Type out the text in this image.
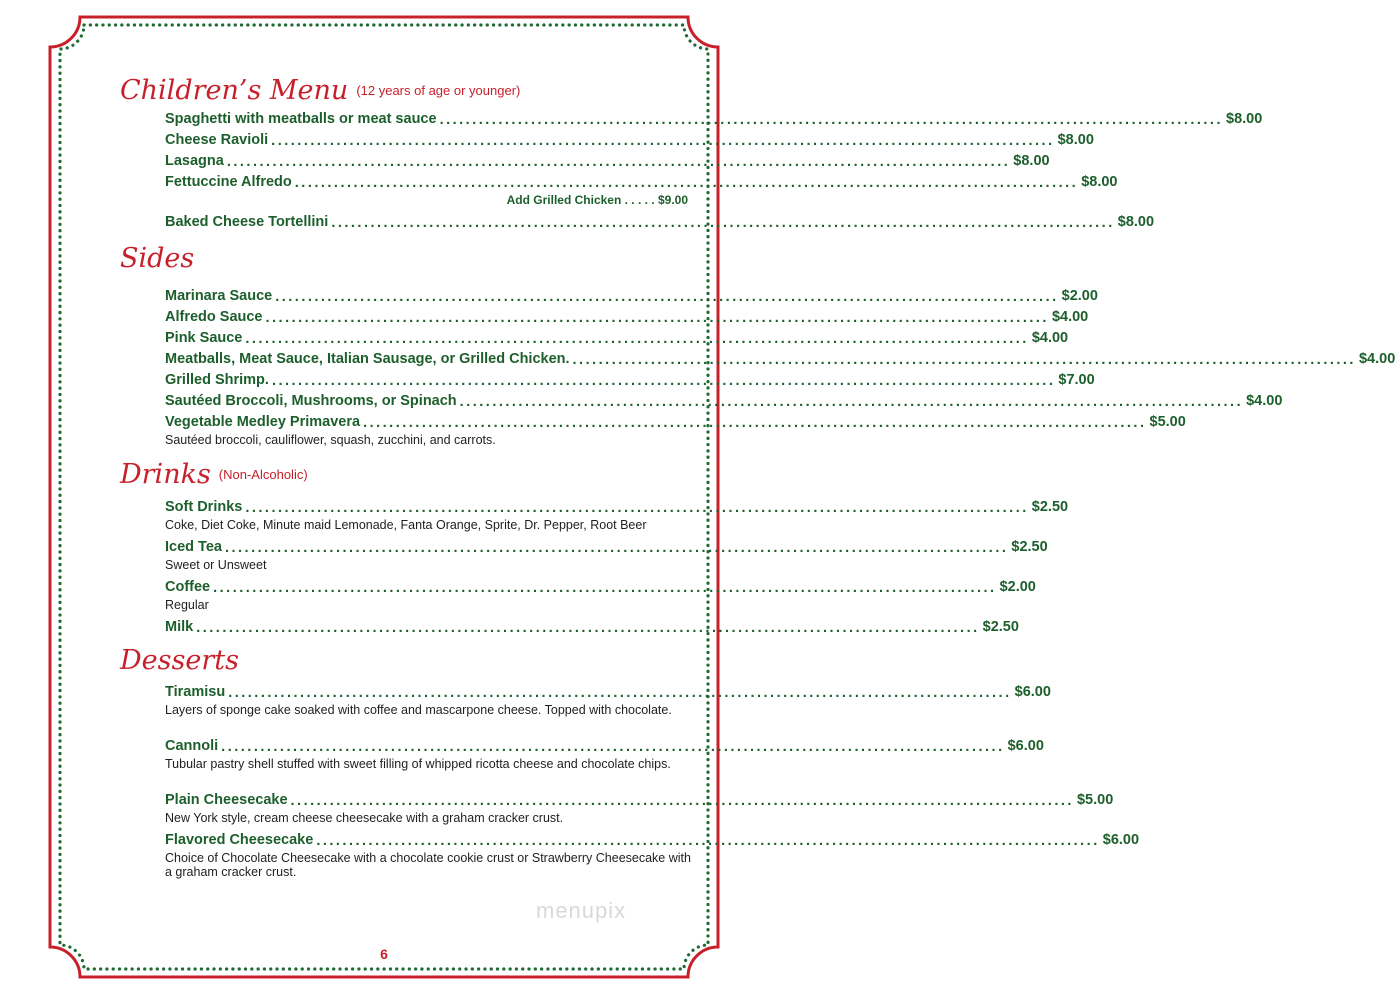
Children’s Menu (12 years of age or younger)
Spaghetti with meatballs or meat sauce ........................................................................................................................ $8.00
Cheese Ravioli ........................................................................................................................ $8.00
Lasagna ........................................................................................................................ $8.00
Fettuccine Alfredo ........................................................................................................................ $8.00
Add Grilled Chicken . . . . . $9.00
Baked Cheese Tortellini ........................................................................................................................ $8.00
Sides
Marinara Sauce ........................................................................................................................ $2.00
Alfredo Sauce ........................................................................................................................ $4.00
Pink Sauce ........................................................................................................................ $4.00
Meatballs, Meat Sauce, Italian Sausage, or Grilled Chicken. ........................................................................................................................ $4.00
Grilled Shrimp. ........................................................................................................................ $7.00
Sautéed Broccoli, Mushrooms, or Spinach ........................................................................................................................ $4.00
Vegetable Medley Primavera ........................................................................................................................ $5.00
Sautéed broccoli, cauliflower, squash, zucchini, and carrots.
Drinks (Non-Alcoholic)
Soft Drinks ........................................................................................................................ $2.50
Coke, Diet Coke, Minute maid Lemonade, Fanta Orange, Sprite, Dr. Pepper, Root Beer
Iced Tea ........................................................................................................................ $2.50
Sweet or Unsweet
Coffee ........................................................................................................................ $2.00
Regular
Milk ........................................................................................................................ $2.50
Desserts
Tiramisu ........................................................................................................................ $6.00
Layers of sponge cake soaked with coffee and mascarpone cheese. Topped with chocolate.
Cannoli ........................................................................................................................ $6.00
Tubular pastry shell stuffed with sweet filling of whipped ricotta cheese and chocolate chips.
Plain Cheesecake ........................................................................................................................ $5.00
New York style, cream cheese cheesecake with a graham cracker crust.
Flavored Cheesecake ........................................................................................................................ $6.00
Choice of Chocolate Cheesecake with a chocolate cookie crust or Strawberry Cheesecake with a graham cracker crust.
menupix
6
